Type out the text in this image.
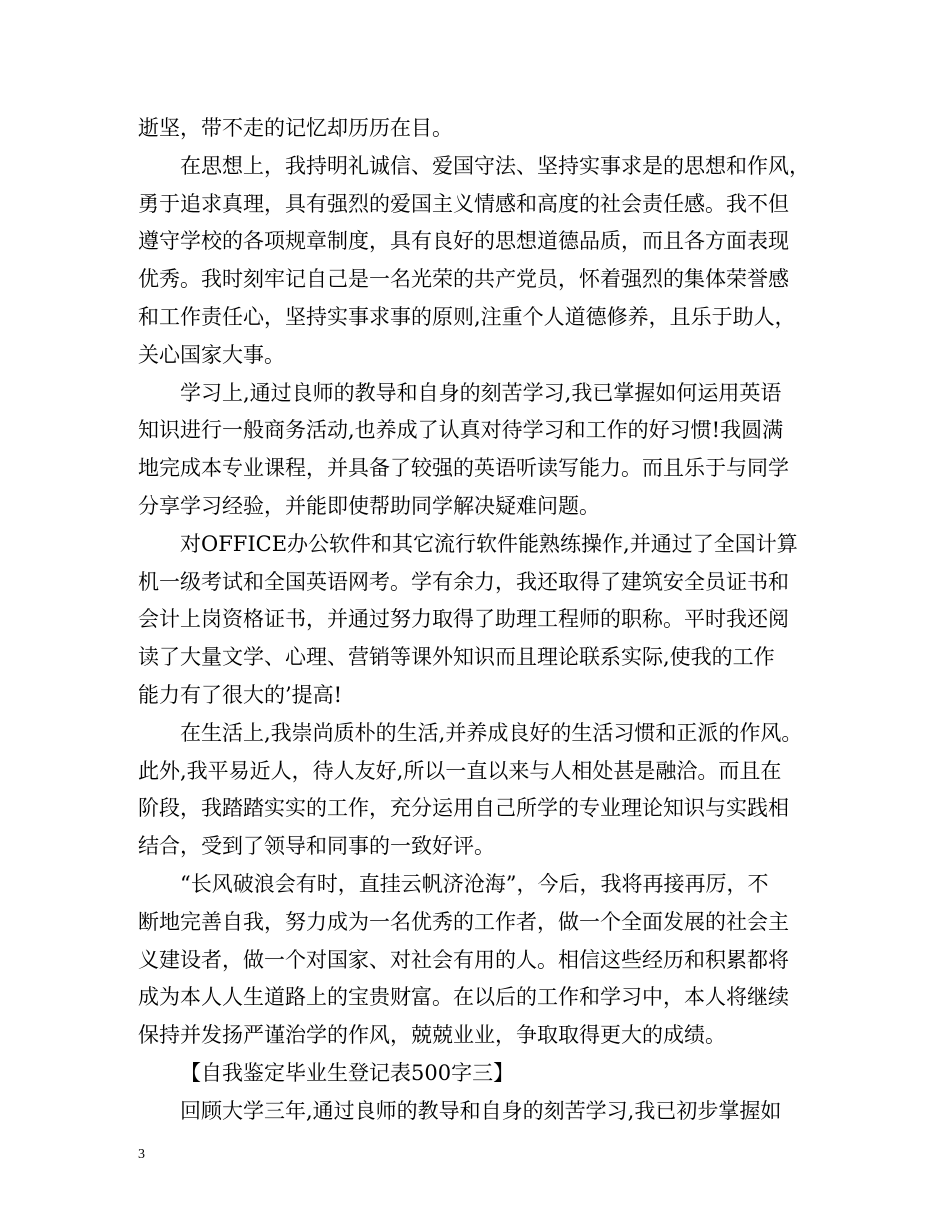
逝坚，带不走的记忆却历历在目。
在思想上，我持明礼诚信、爱国守法、坚持实事求是的思想和作风，
勇于追求真理，具有强烈的爱国主义情感和高度的社会责任感。我不但
遵守学校的各项规章制度，具有良好的思想道德品质，而且各方面表现
优秀。我时刻牢记自己是一名光荣的共产党员，怀着强烈的集体荣誉感
和工作责任心，坚持实事求事的原则,注重个人道德修养，且乐于助人，
关心国家大事。
学习上,通过良师的教导和自身的刻苦学习,我已掌握如何运用英语
知识进行一般商务活动,也养成了认真对待学习和工作的好习惯!我圆满
地完成本专业课程，并具备了较强的英语听读写能力。而且乐于与同学
分享学习经验，并能即使帮助同学解决疑难问题。
对OFFICE办公软件和其它流行软件能熟练操作,并通过了全国计算
机一级考试和全国英语网考。学有余力，我还取得了建筑安全员证书和
会计上岗资格证书，并通过努力取得了助理工程师的职称。平时我还阅
读了大量文学、心理、营销等课外知识而且理论联系实际,使我的工作
能力有了很大的’提高!
在生活上,我崇尚质朴的生活,并养成良好的生活习惯和正派的作风。
此外,我平易近人，待人友好,所以一直以来与人相处甚是融洽。而且在
阶段，我踏踏实实的工作，充分运用自己所学的专业理论知识与实践相
结合，受到了领导和同事的一致好评。
“长风破浪会有时，直挂云帆济沧海”，今后，我将再接再厉，不
断地完善自我，努力成为一名优秀的工作者，做一个全面发展的社会主
义建设者，做一个对国家、对社会有用的人。相信这些经历和积累都将
成为本人人生道路上的宝贵财富。在以后的工作和学习中，本人将继续
保持并发扬严谨治学的作风，兢兢业业，争取取得更大的成绩。
【自我鉴定毕业生登记表500字三】
回顾大学三年,通过良师的教导和自身的刻苦学习,我已初步掌握如
3
